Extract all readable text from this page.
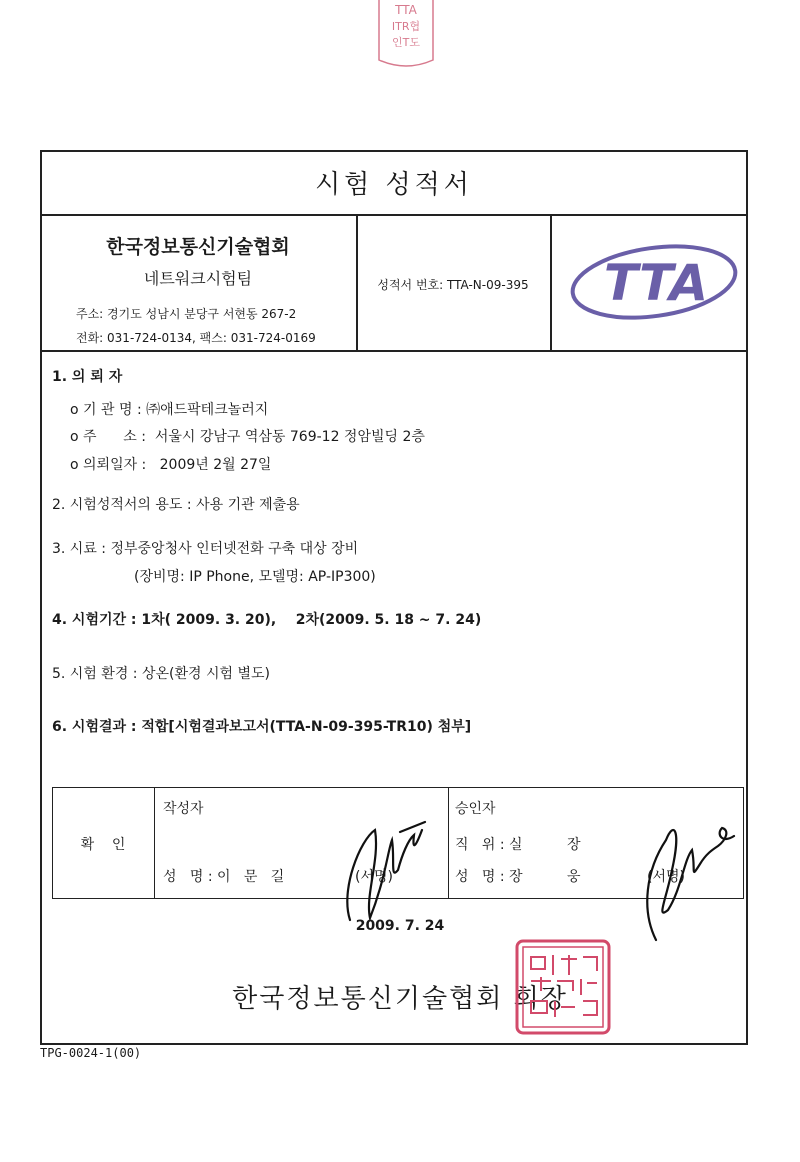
TTA
ITR협
인T도
시험 성적서
한국정보통신기술협회
네트워크시험팀
주소: 경기도 성남시 분당구 서현동 267-2
전화: 031-724-0134, 팩스: 031-724-0169
성적서 번호: TTA-N-09-395	TTA
1. 의 뢰 자
o 기 관 명 : ㈜애드팍테크놀러지
o 주      소 :  서울시 강남구 역삼동 769-12 정암빌딩 2층
o 의뢰일자 :   2009년 2월 27일
2. 시험성적서의 용도 : 사용 기관 제출용
3. 시료 : 정부중앙청사 인터넷전화 구축 대상 장비
(장비명: IP Phone, 모델명: AP-IP300)
4. 시험기간 : 1차( 2009. 3. 20),    2차(2009. 5. 18 ~ 7. 24)
5. 시험 환경 : 상온(환경 시험 별도)
6. 시험결과 : 적합[시험결과보고서(TTA-N-09-395-TR10) 첨부]
확    인
작성자
성   명 : 이   문   길	(서명)
승인자
직   위 : 실          장
성   명 : 장          웅	(서명)
2009. 7. 24
한국정보통신기술협회 회장
TPG-0024-1(00)
